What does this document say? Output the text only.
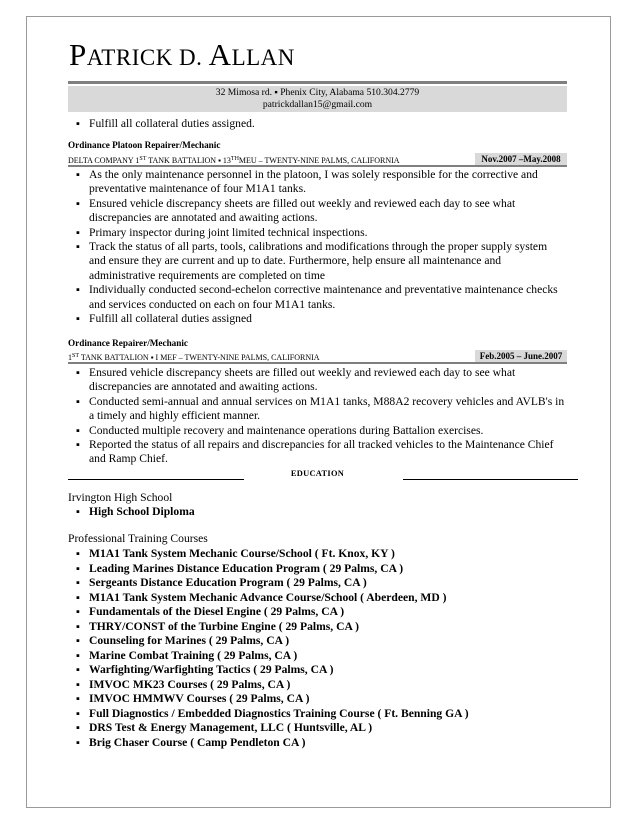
PATRICK D. ALLAN
32 Mimosa rd. ▪ Phenix City, Alabama 510.304.2779
patrickdallan15@gmail.com
▪ Fulfill all collateral duties assigned.
Ordinance Platoon Repairer/Mechanic
DELTA COMPANY 1ST TANK BATTALION ▪ 13THMEU – TWENTY-NINE PALMS, CALIFORNIA	Nov.2007 –May.2008
▪ As the only maintenance personnel in the platoon, I was solely responsible for the corrective and preventative maintenance of four M1A1 tanks.
▪ Ensured vehicle discrepancy sheets are filled out weekly and reviewed each day to see what discrepancies are annotated and awaiting actions.
▪ Primary inspector during joint limited technical inspections.
▪ Track the status of all parts, tools, calibrations and modifications through the proper supply system and ensure they are current and up to date. Furthermore, help ensure all maintenance and administrative requirements are completed on time
▪ Individually conducted second-echelon corrective maintenance and preventative maintenance checks and services conducted on each on four M1A1 tanks.
▪ Fulfill all collateral duties assigned
Ordinance Repairer/Mechanic
1ST TANK BATTALION ▪ I MEF – TWENTY-NINE PALMS, CALIFORNIA	Feb.2005 – June.2007
▪ Ensured vehicle discrepancy sheets are filled out weekly and reviewed each day to see what discrepancies are annotated and awaiting actions.
▪ Conducted semi-annual and annual services on M1A1 tanks, M88A2 recovery vehicles and AVLB's in a timely and highly efficient manner.
▪ Conducted multiple recovery and maintenance operations during Battalion exercises.
▪ Reported the status of all repairs and discrepancies for all tracked vehicles to the Maintenance Chief and Ramp Chief.
EDUCATION
Irvington High School
▪ High School Diploma
Professional Training Courses
▪ M1A1 Tank System Mechanic Course/School ( Ft. Knox, KY )
▪ Leading Marines Distance Education Program ( 29 Palms, CA )
▪ Sergeants Distance Education Program ( 29 Palms, CA )
▪ M1A1 Tank System Mechanic Advance Course/School ( Aberdeen, MD )
▪ Fundamentals of the Diesel Engine ( 29 Palms, CA )
▪ THRY/CONST of the Turbine Engine ( 29 Palms, CA )
▪ Counseling for Marines ( 29 Palms, CA )
▪ Marine Combat Training ( 29 Palms, CA )
▪ Warfighting/Warfighting Tactics ( 29 Palms, CA )
▪ IMVOC MK23 Courses ( 29 Palms, CA )
▪ IMVOC HMMWV Courses ( 29 Palms, CA )
▪ Full Diagnostics / Embedded Diagnostics Training Course ( Ft. Benning GA )
▪ DRS Test & Energy Management, LLC ( Huntsville, AL )
▪ Brig Chaser Course ( Camp Pendleton CA )
